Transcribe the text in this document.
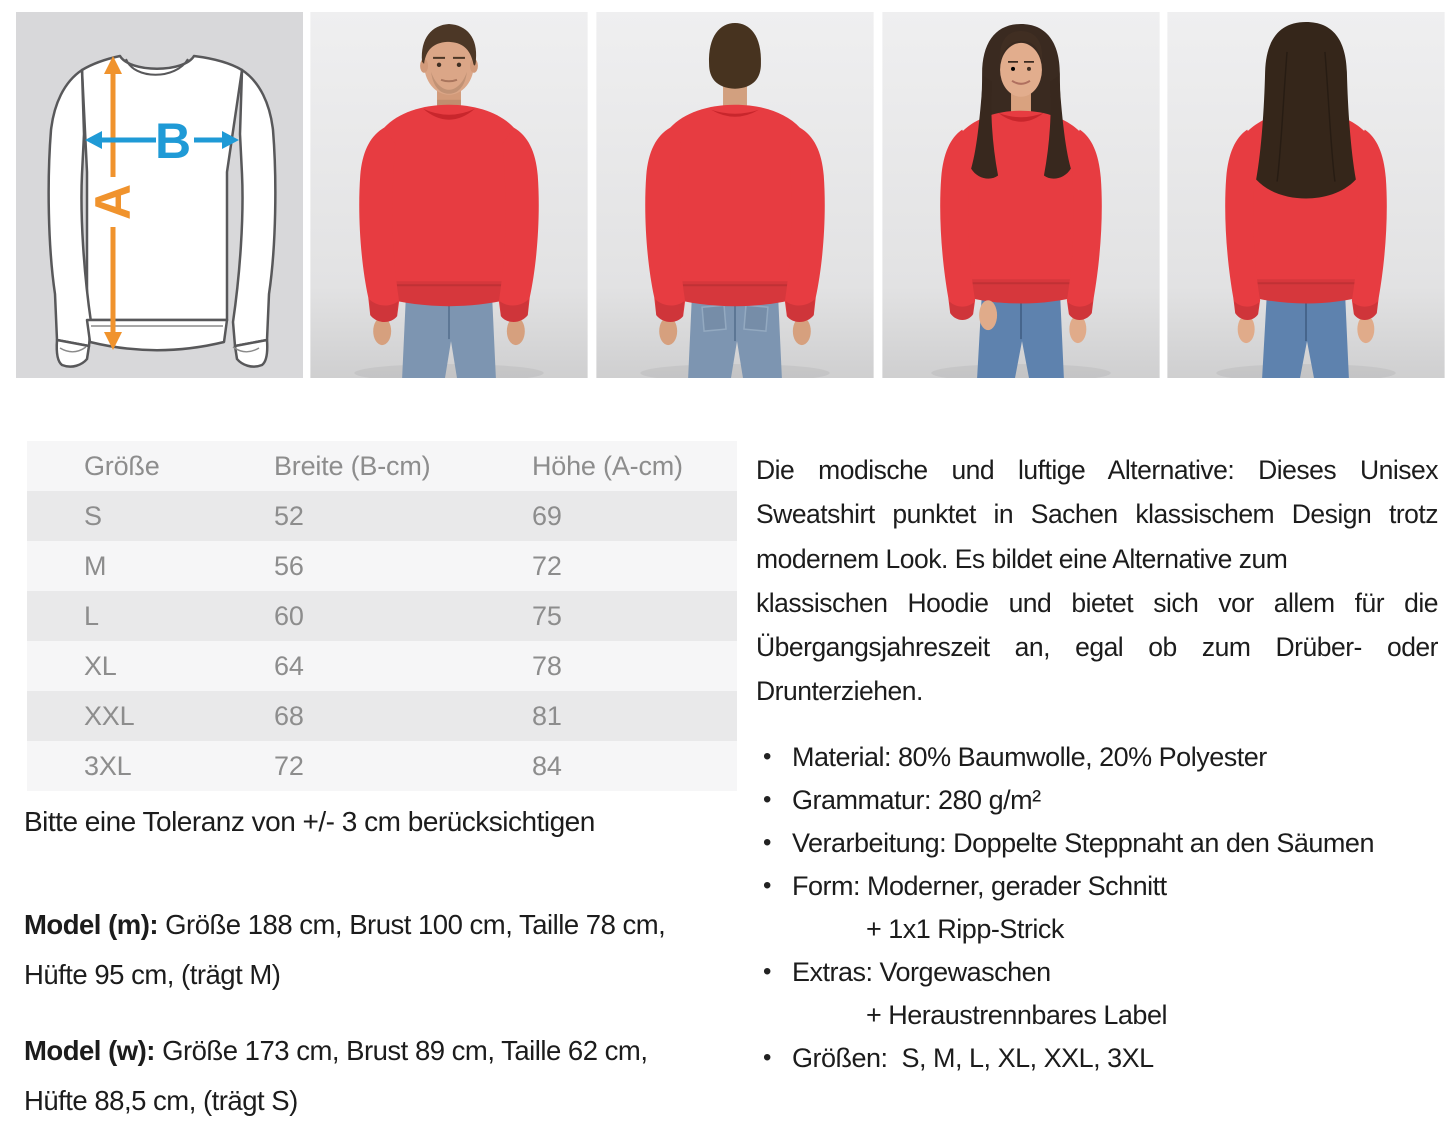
A
B
Größe	Breite (B-cm)	Höhe (A-cm)
S	52	69
M	56	72
L	60	75
XL	64	78
XXL	68	81
3XL	72	84
Bitte eine Toleranz von +/- 3 cm berücksichtigen
Model (m): Größe 188 cm, Brust 100 cm, Taille 78 cm,
Hüfte 95 cm, (trägt M)
Model (w): Größe 173 cm, Brust 89 cm, Taille 62 cm,
Hüfte 88,5 cm, (trägt S)
Die modische und luftige Alternative: Dieses Unisex
Sweatshirt punktet in Sachen klassischem Design trotz
modernem Look. Es bildet eine Alternative zum
klassischen Hoodie und bietet sich vor allem für die
Übergangsjahreszeit an, egal ob zum Drüber- oder
Drunterziehen.
• Material: 80% Baumwolle, 20% Polyester
• Grammatur: 280 g/m²
• Verarbeitung: Doppelte Steppnaht an den Säumen
• Form: Moderner, gerader Schnitt
+ 1x1 Ripp-Strick
• Extras: Vorgewaschen
+ Heraustrennbares Label
• Größen:  S, M, L, XL, XXL, 3XL
